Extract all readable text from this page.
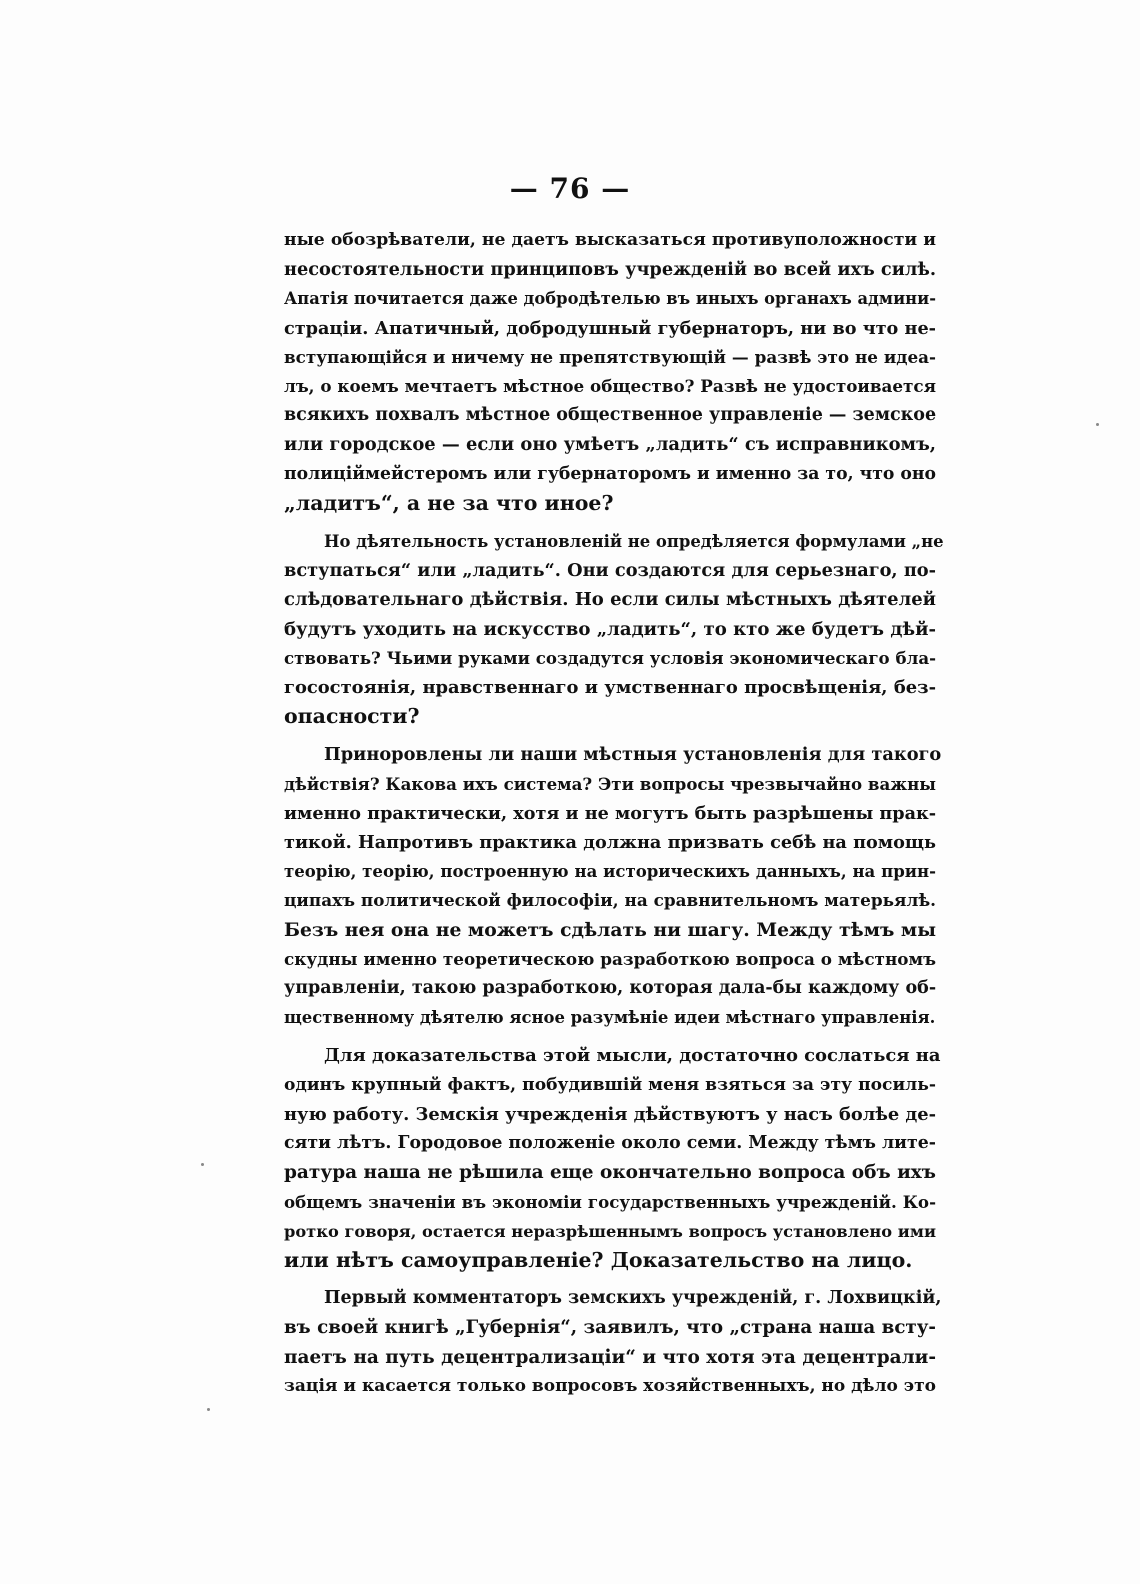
— 76 —
ные обозрѣватели, не даетъ высказаться противуположности и
несостоятельности принциповъ учрежденій во всей ихъ силѣ.
Апатія почитается даже добродѣтелью въ иныхъ органахъ админи-
страціи. Апатичный, добродушный губернаторъ, ни во что не-
вступающійся и ничему не препятствующій — развѣ это не идеа-
лъ, о коемъ мечтаетъ мѣстное общество? Развѣ не удостоивается
всякихъ похвалъ мѣстное общественное управленіе — земское
или городское — если оно умѣетъ „ладить“ съ исправникомъ,
полиціймейстеромъ или губернаторомъ и именно за то, что оно
„ладитъ“, а не за что иное?
Но дѣятельность установленій не опредѣляется формулами „не
вступаться“ или „ладить“. Они создаются для серьезнаго, по-
слѣдовательнаго дѣйствія. Но если силы мѣстныхъ дѣятелей
будутъ уходить на искусство „ладить“, то кто же будетъ дѣй-
ствовать? Чьими руками создадутся условія экономическаго бла-
госостоянія, нравственнаго и умственнаго просвѣщенія, без-
опасности?
Приноровлены ли наши мѣстныя установленія для такого
дѣйствія? Какова ихъ система? Эти вопросы чрезвычайно важны
именно практически, хотя и не могутъ быть разрѣшены прак-
тикой. Напротивъ практика должна призвать себѣ на помощь
теорію, теорію, построенную на историческихъ данныхъ, на прин-
ципахъ политической философіи, на сравнительномъ матерьялѣ.
Безъ нея она не можетъ сдѣлать ни шагу. Между тѣмъ мы
скудны именно теоретическою разработкою вопроса о мѣстномъ
управленіи, такою разработкою, которая дала-бы каждому об-
щественному дѣятелю ясное разумѣніе идеи мѣстнаго управленія.
Для доказательства этой мысли, достаточно сослаться на
одинъ крупный фактъ, побудившій меня взяться за эту посиль-
ную работу. Земскія учрежденія дѣйствуютъ у насъ болѣе де-
сяти лѣтъ. Городовое положеніе около семи. Между тѣмъ лите-
ратура наша не рѣшила еще окончательно вопроса объ ихъ
общемъ значеніи въ экономіи государственныхъ учрежденій. Ко-
ротко говоря, остается неразрѣшеннымъ вопросъ установлено ими
или нѣтъ самоуправленіе? Доказательство на лицо.
Первый комментаторъ земскихъ учрежденій, г. Лохвицкій,
въ своей книгѣ „Губернія“, заявилъ, что „страна наша всту-
паетъ на путь децентрализаціи“ и что хотя эта децентрали-
зація и касается только вопросовъ хозяйственныхъ, но дѣло это
